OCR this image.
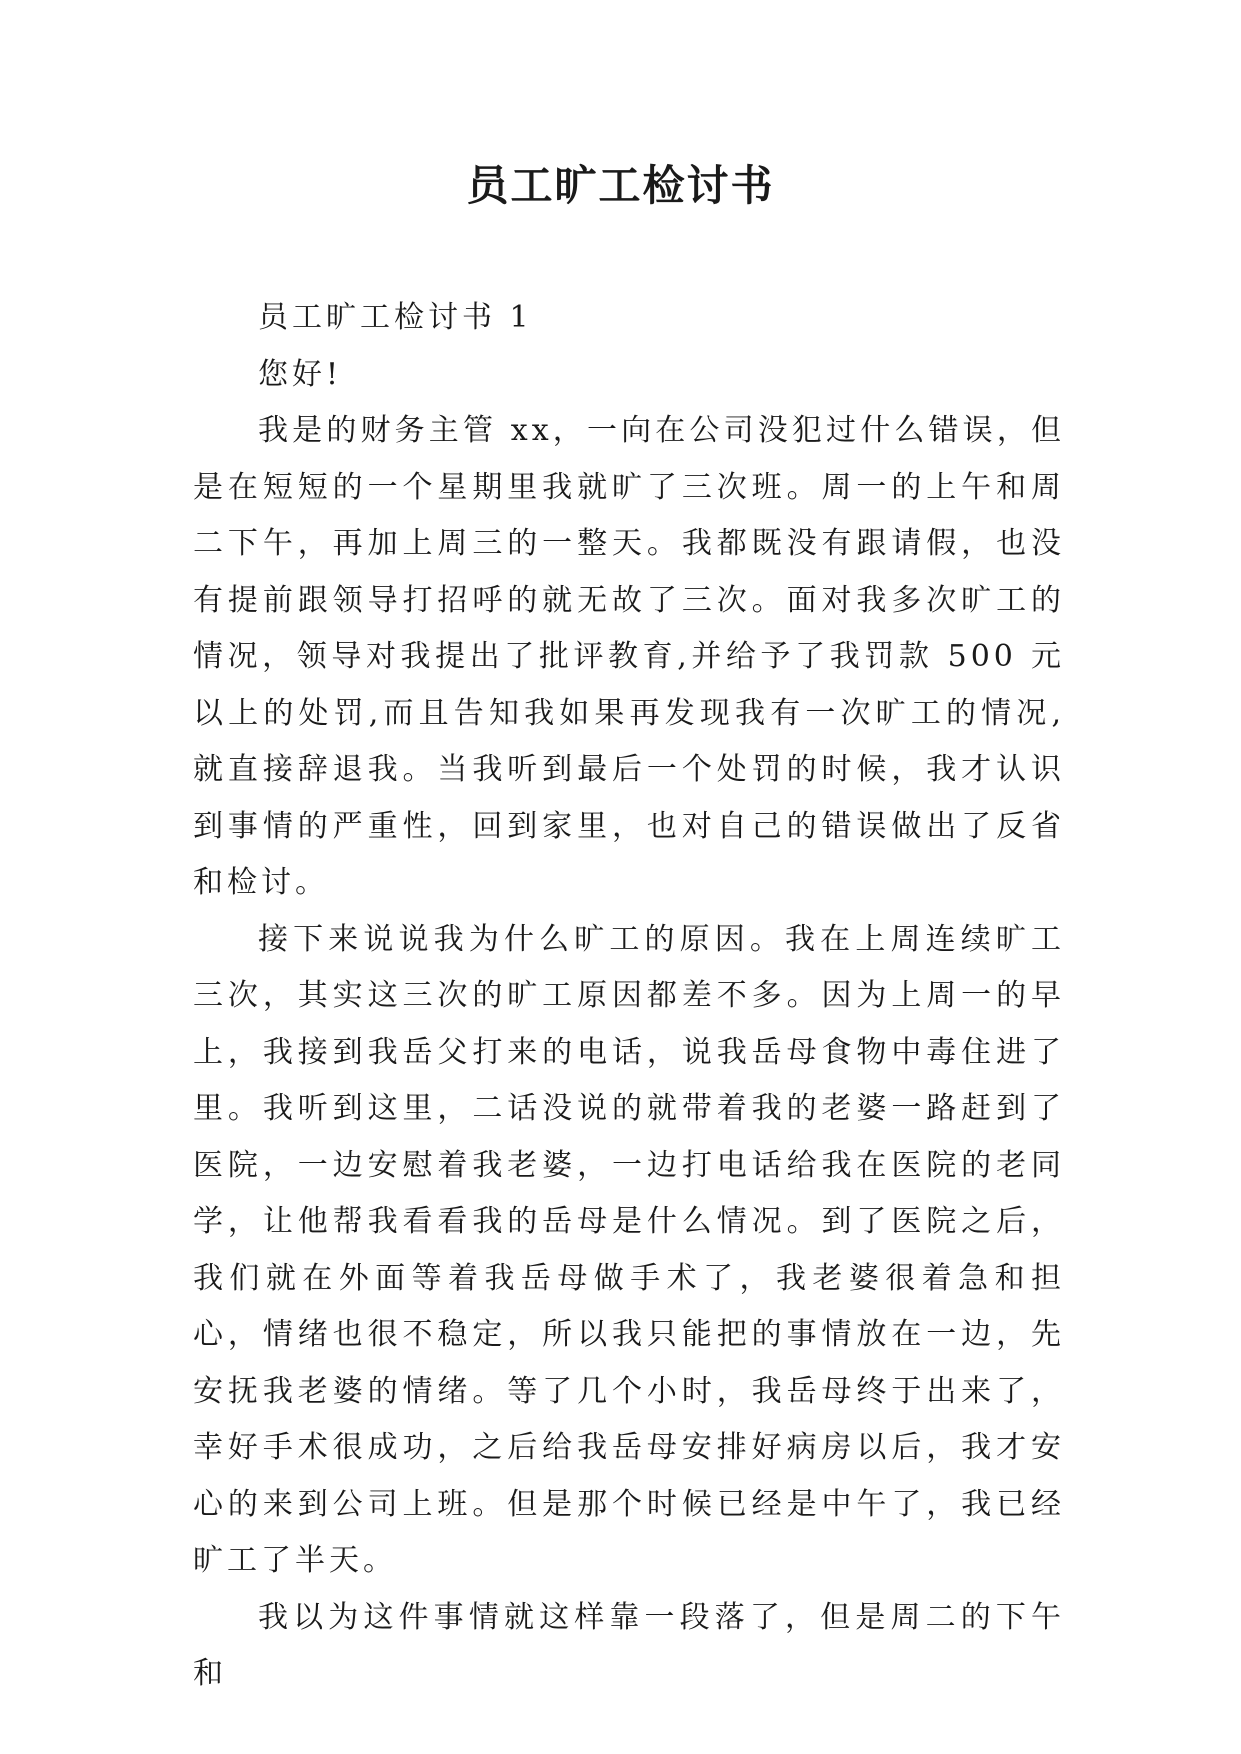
员工旷工检讨书

员工旷工检讨书 1

您好!

我是的财务主管 xx，一向在公司没犯过什么错误，但是在短短的一个星期里我就旷了三次班。周一的上午和周二下午，再加上周三的一整天。我都既没有跟请假，也没有提前跟领导打招呼的就无故了三次。面对我多次旷工的情况，领导对我提出了批评教育,并给予了我罚款 500 元以上的处罚,而且告知我如果再发现我有一次旷工的情况,就直接辞退我。当我听到最后一个处罚的时候，我才认识到事情的严重性，回到家里，也对自己的错误做出了反省和检讨。

接下来说说我为什么旷工的原因。我在上周连续旷工三次，其实这三次的旷工原因都差不多。因为上周一的早上，我接到我岳父打来的电话，说我岳母食物中毒住进了里。我听到这里，二话没说的就带着我的老婆一路赶到了医院，一边安慰着我老婆，一边打电话给我在医院的老同学，让他帮我看看我的岳母是什么情况。到了医院之后，我们就在外面等着我岳母做手术了，我老婆很着急和担心，情绪也很不稳定，所以我只能把的事情放在一边，先安抚我老婆的情绪。等了几个小时，我岳母终于出来了，幸好手术很成功，之后给我岳母安排好病房以后，我才安心的来到公司上班。但是那个时候已经是中午了，我已经旷工了半天。

我以为这件事情就这样靠一段落了，但是周二的下午和
